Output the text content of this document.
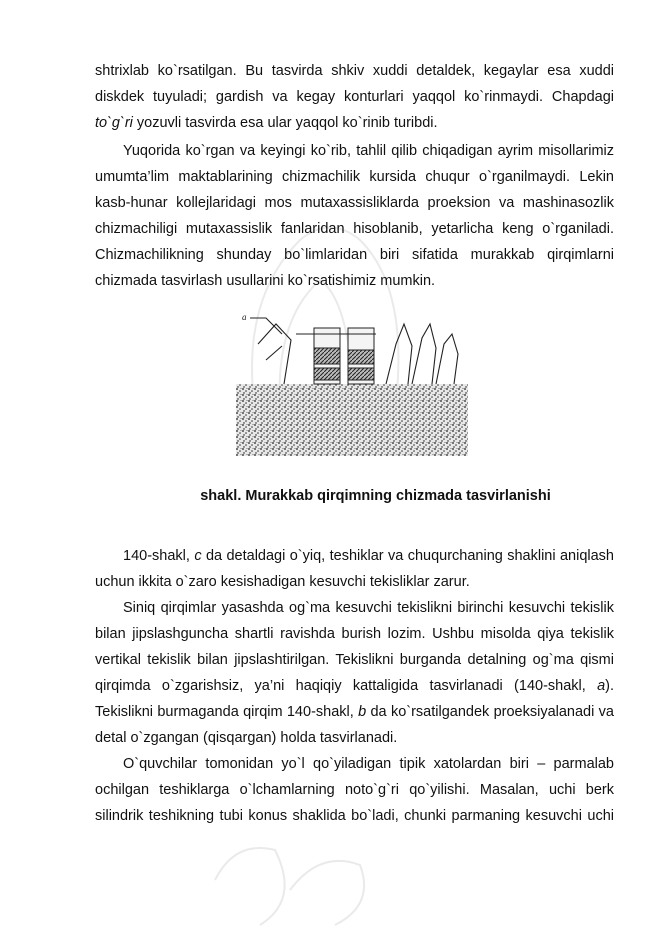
shtrixlab ko`rsatilgan. Bu tasvirda shkiv xuddi detaldek, kegaylar esa xuddi
diskdek tuyuladi; gardish va kegay konturlari yaqqol ko`rinmaydi. Chapdagi
to`g`ri yozuvli tasvirda esa ular yaqqol ko`rinib turibdi.
Yuqorida ko`rgan va keyingi ko`rib, tahlil qilib chiqadigan ayrim misollarimiz
umumta’lim maktablarining chizmachilik kursida chuqur o`rganilmaydi. Lekin
kasb-hunar kollejlaridagi mos mutaxassisliklarda proeksion va mashinasozlik
chizmachiligi mutaxassislik fanlaridan hisoblanib, yetarlicha keng o`rganiladi.
Chizmachilikning shunday bo`limlaridan biri sifatida murakkab qirqimlarni
chizmada tasvirlash usullarini ko`rsatishimiz mumkin.
a
shakl. Murakkab qirqimning chizmada tasvirlanishi
140-shakl, c da detaldagi o`yiq, teshiklar va chuqurchaning shaklini aniqlash
uchun ikkita o`zaro kesishadigan kesuvchi tekisliklar zarur.
Siniq qirqimlar yasashda og`ma kesuvchi tekislikni birinchi kesuvchi tekislik
bilan jipslashguncha shartli ravishda burish lozim. Ushbu misolda qiya tekislik
vertikal tekislik bilan jipslashtirilgan. Tekislikni burganda detalning og`ma qismi
qirqimda o`zgarishsiz, ya’ni haqiqiy kattaligida tasvirlanadi (140-shakl, a).
Tekislikni burmaganda qirqim 140-shakl, b da ko`rsatilgandek proeksiyalanadi va
detal o`zgangan (qisqargan) holda tasvirlanadi.
O`quvchilar tomonidan yo`l qo`yiladigan tipik xatolardan biri – parmalab
ochilgan teshiklarga o`lchamlarning noto`g`ri qo`yilishi. Masalan, uchi berk
silindrik teshikning tubi konus shaklida bo`ladi, chunki parmaning kesuvchi uchi
